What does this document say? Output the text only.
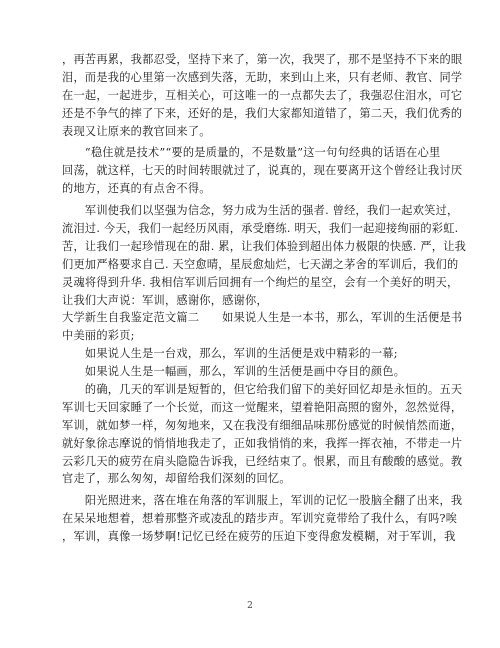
，再苦再累，我都忍受，坚持下来了，第一次，我哭了，那不是坚持不下来的眼
泪，而是我的心里第一次感到失落，无助，来到山上来，只有老师、教官、同学
在一起，一起进步，互相关心，可这唯一的一点都失去了，我强忍住泪水，可它
还是不争气的摔了下来，还好的是，我们大家都知道错了，第二天，我们优秀的
表现又让原来的教官回来了。
　　“稳住就是技术”“要的是质量的，不是数量”这一句句经典的话语在心里
回荡，就这样，七天的时间转眼就过了，说真的，现在要离开这个曾经让我讨厌
的地方，还真的有点舍不得。
　　军训使我们以坚强为信念，努力成为生活的强者. 曾经，我们一起欢笑过，
流泪过. 今天，我们一起经历风雨，承受磨练. 明天，我们一起迎接绚丽的彩虹.
苦，让我们一起珍惜现在的甜. 累，让我们体验到超出体力极限的快感. 严，让我
们更加严格要求自己. 天空愈晴，星辰愈灿烂，七天湖之茅舍的军训后，我们的
灵魂将得到升华. 我相信军训后回拥有一个绚烂的星空，会有一个美好的明天，
让我们大声说：军训，感谢你，感谢你，
大学新生自我鉴定范文篇二　　如果说人生是一本书，那么，军训的生活便是书
中美丽的彩页;
　　如果说人生是一台戏，那么，军训的生活便是戏中精彩的一幕;
　　如果说人生是一幅画，那么，军训的生活便是画中夺目的颜色。
　　的确，几天的军训是短暂的，但它给我们留下的美好回忆却是永恒的。五天
军训七天回家睡了一个长觉，而这一觉醒来，望着艳阳高照的窗外，忽然觉得，
军训，就如梦一样，匆匆地来，又在我没有细细品味那份感觉的时候悄然而逝，
就好象徐志摩说的悄悄地我走了，正如我悄悄的来，我挥一挥衣袖，不带走一片
云彩几天的疲劳在肩头隐隐告诉我，已经结束了。恨累，而且有酸酸的感觉。教
官走了，那么匆匆，却留给我们深刻的回忆。
　　阳光照进来，落在堆在角落的军训服上，军训的记忆一股脑全翻了出来，我
在呆呆地想着，想着那整齐或凌乱的踏步声。军训究竟带给了我什么，有吗?唉
，军训，真像一场梦啊!记忆已经在疲劳的压迫下变得愈发模糊，对于军训，我
2
